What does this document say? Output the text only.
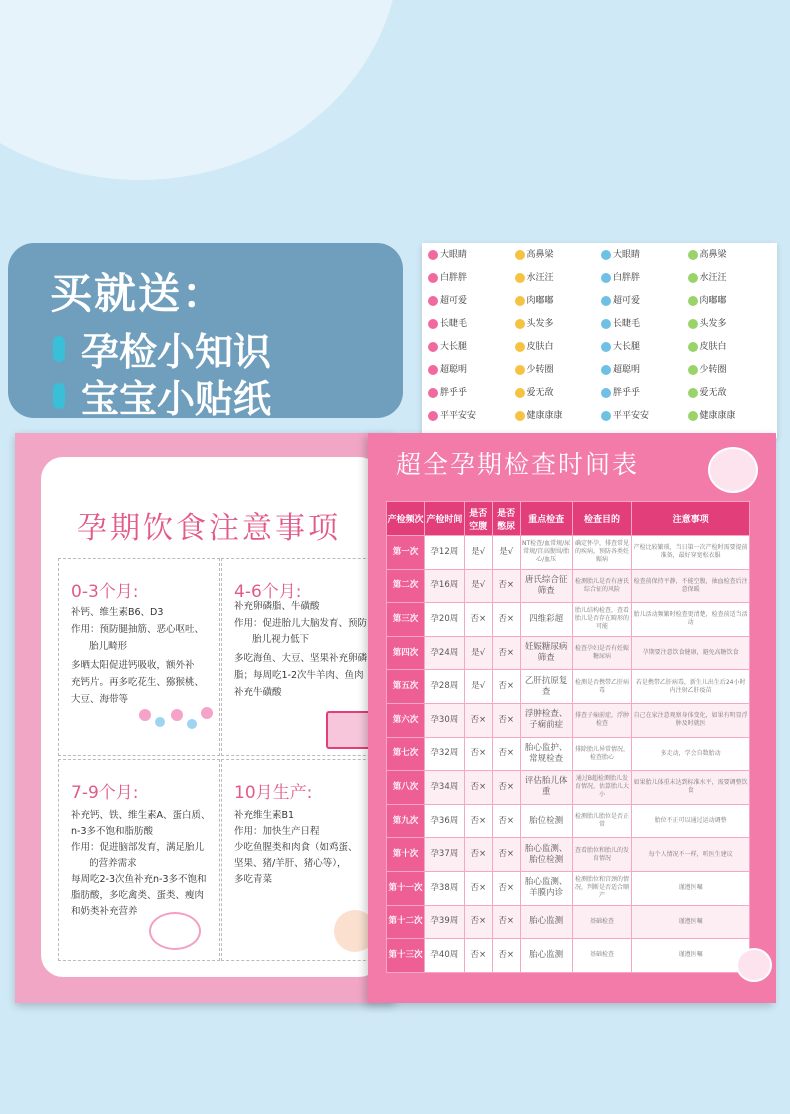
买就送：
孕检小知识
宝宝小贴纸
大眼睛	高鼻梁	大眼睛	高鼻梁
白胖胖	水汪汪	白胖胖	水汪汪
超可爱	肉嘟嘟	超可爱	肉嘟嘟
长睫毛	头发多	长睫毛	头发多
大长腿	皮肤白	大长腿	皮肤白
超聪明	少转圈	超聪明	少转圈
胖乎乎	爱无敌	胖乎乎	爱无敌
平平安安	健康康康	平平安安	健康康康
孕期饮食注意事项
0-3个月:
补钙、维生素B6、D3
作用：预防腿抽筋、恶心呕吐、
胎儿畸形
多晒太阳促进钙吸收，额外补
充钙片。再多吃花生、猕猴桃、
大豆、海带等
4-6个月:
补充卵磷脂、牛磺酸
作用：促进胎儿大脑发育、预防
胎儿视力低下
多吃海鱼、大豆、坚果补充卵磷
脂；每周吃1-2次牛羊肉、鱼肉
补充牛磺酸
7-9个月:
补充钙、铁、维生素A、蛋白质、
n-3多不饱和脂肪酸
作用：促进脑部发育，满足胎儿
的营养需求
每周吃2-3次鱼补充n-3多不饱和
脂肪酸，多吃禽类、蛋类、瘦肉
和奶类补充营养
10月生产:
补充维生素B1
作用：加快生产日程
少吃鱼腥类和肉食（如鸡蛋、
坚果、猪/羊肝、猪心等），
多吃青菜
超全孕期检查时间表
产检频次	产检时间	是否空腹	是否憋尿	重点检查	检查目的	注意事项
第一次	孕12周	是√	是√	NT检查/血常规/尿常规/宫高腹围/胎心/血压	确定怀孕，排查常见的疾病，预防各类妊娠病	产检比较繁琐，当日第一次产检时需要提前准备，最好穿宽松衣服
第二次	孕16周	是√	否×	唐氏综合征筛查	检测胎儿是否有唐氏综合征的风险	检查前保持平静，不能空腹，抽血检查后注意保暖
第三次	孕20周	否×	否×	四维彩超	胎儿结构检查，查看胎儿是否存在畸形的可能	胎儿活动频繁时检查更清楚，检查前适当活动
第四次	孕24周	是√	否×	妊娠糖尿病筛查	检查孕妇是否有妊娠糖尿病	孕期要注意饮食健康，避免高糖饮食
第五次	孕28周	是√	否×	乙肝抗原复查	检测是否携带乙肝病毒	若是携带乙肝病毒，新生儿出生后24小时内注射乙肝疫苗
第六次	孕30周	否×	否×	浮肿检查、子痫前症	排查子痫前症，浮肿检查	自己在家注意观察身体变化，如果有明显浮肿及时就医
第七次	孕32周	否×	否×	胎心监护、常规检查	排除胎儿异常情况，检查胎心	多走动，学会自数胎动
第八次	孕34周	否×	否×	评估胎儿体重	通过B超检测胎儿发育情况，估算胎儿大小	如果胎儿体重未达到标准水平，需要调整饮食
第九次	孕36周	否×	否×	胎位检测	检测胎儿胎位是否正常	胎位不正可以通过运动调整
第十次	孕37周	否×	否×	胎心监测、胎位检测	查看胎位和胎儿的发育情况	每个人情况不一样，听医生建议
第十一次	孕38周	否×	否×	胎心监测、羊膜内诊	检测胎位和宫颈的情况，判断是否适合顺产	谨遵医嘱
第十二次	孕39周	否×	否×	胎心监测	基础检查	谨遵医嘱
第十三次	孕40周	否×	否×	胎心监测	基础检查	谨遵医嘱
